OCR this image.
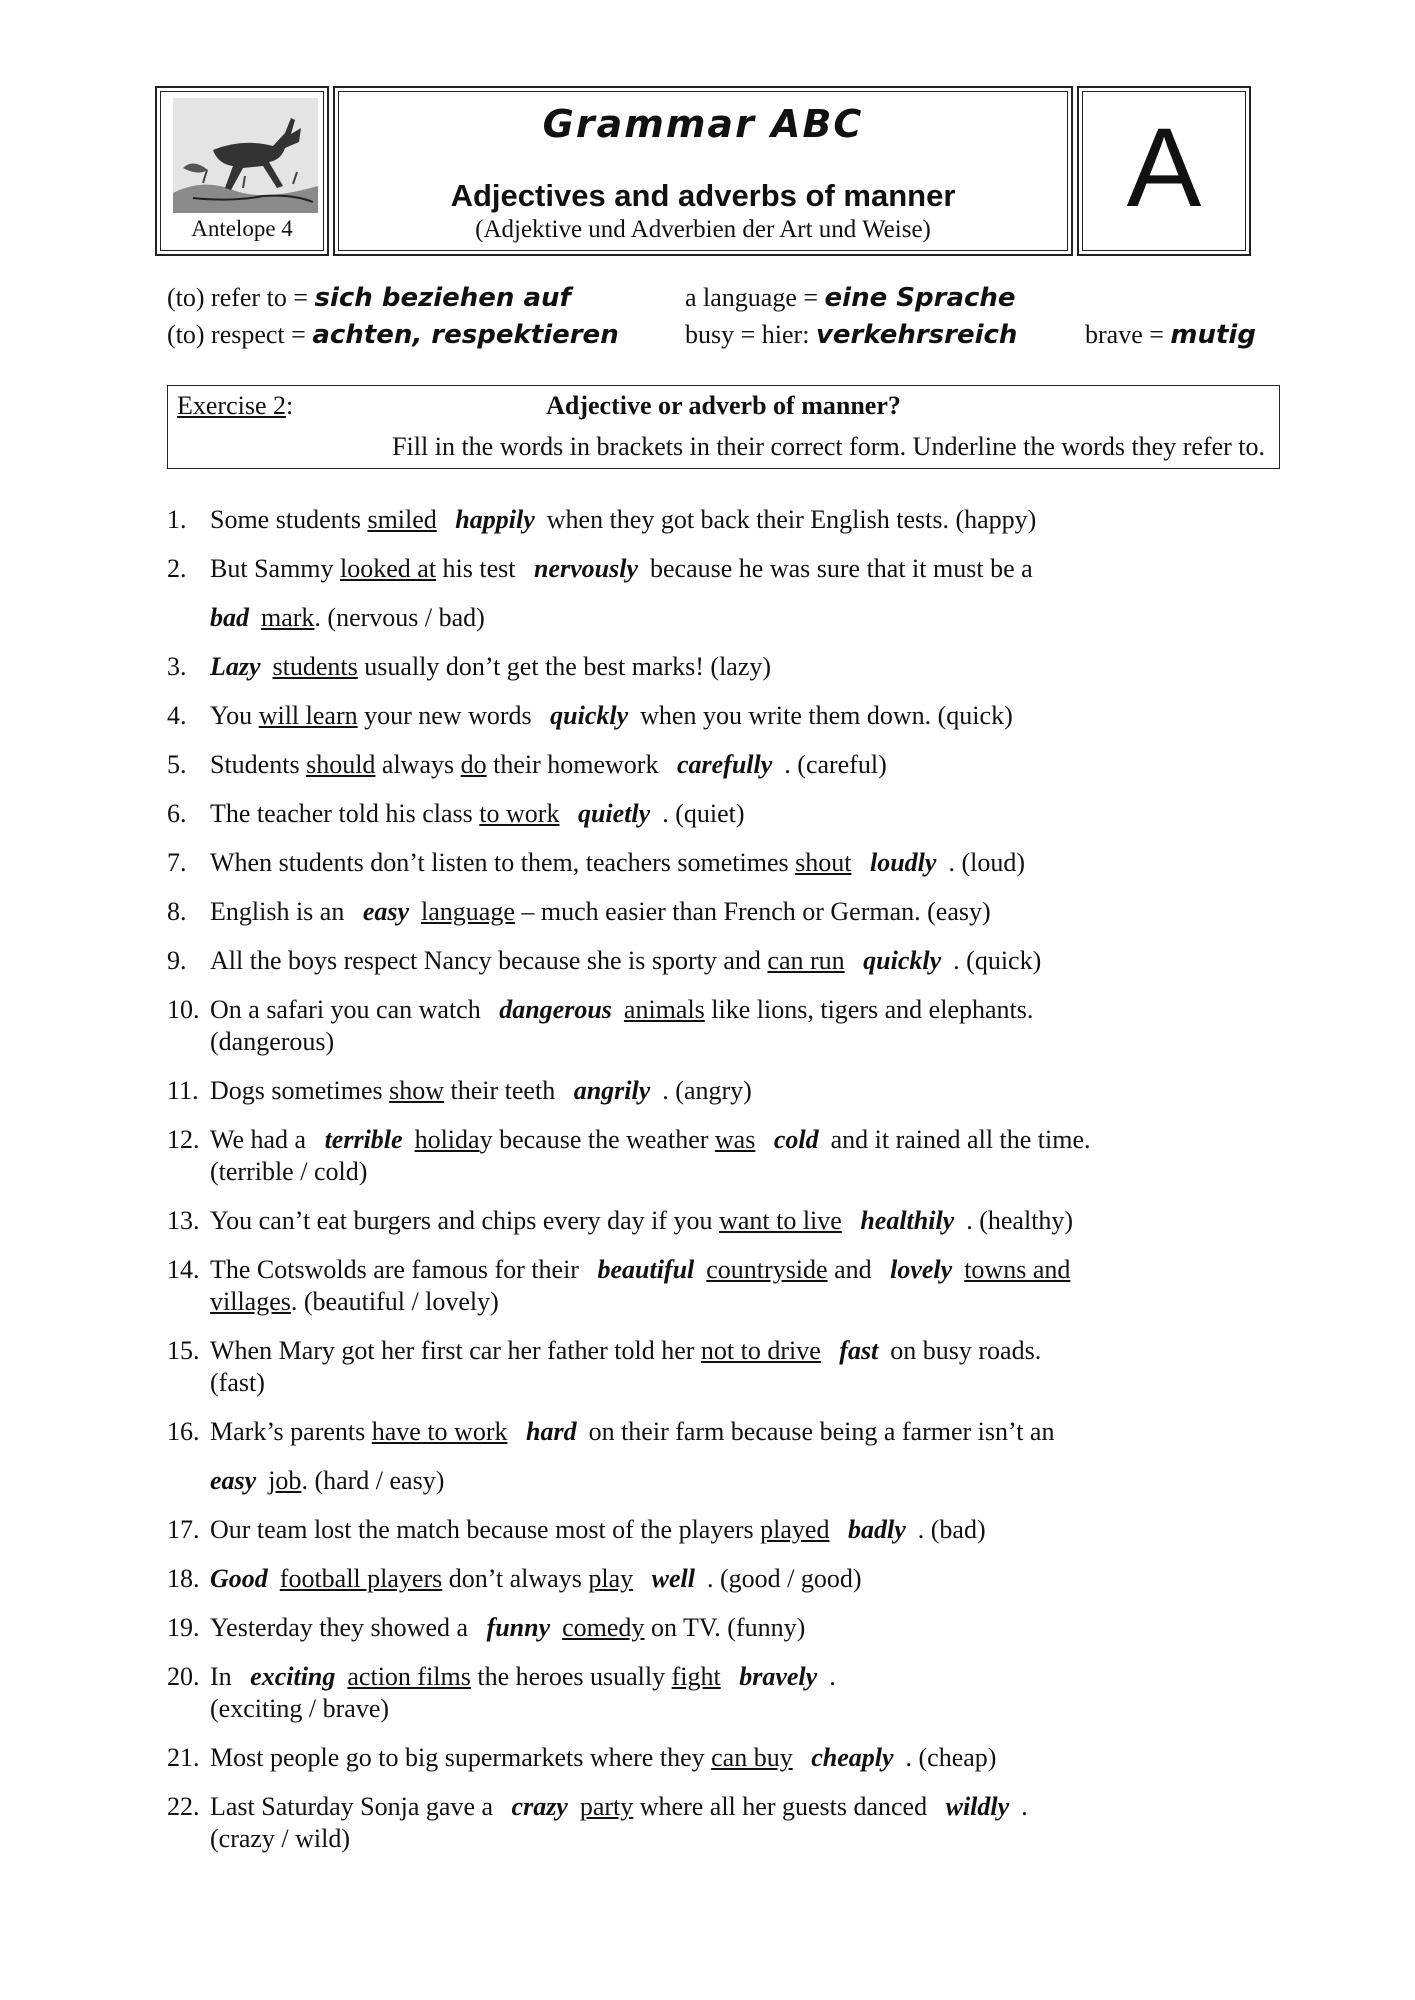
Antelope 4
Grammar ABC
Adjectives and adverbs of manner
(Adjektive und Adverbien der Art und Weise)	A
(to) refer to = sich beziehen auf
(to) respect = achten, respektieren
a language = eine Sprache
busy = hier: verkehrsreich	brave = mutig
Exercise 2:	Adjective or adverb of manner?
Fill in the words in brackets in their correct form. Underline the words they refer to.
1. Some students smiled happily when they got back their English tests. (happy)
2. But Sammy looked at his test nervously because he was sure that it must be a
bad mark. (nervous / bad)
3. Lazy students usually don’t get the best marks! (lazy)
4. You will learn your new words quickly when you write them down. (quick)
5. Students should always do their homework carefully . (careful)
6. The teacher told his class to work quietly . (quiet)
7. When students don’t listen to them, teachers sometimes shout loudly . (loud)
8. English is an easy language – much easier than French or German. (easy)
9. All the boys respect Nancy because she is sporty and can run quickly . (quick)
10. On a safari you can watch dangerous animals like lions, tigers and elephants.
(dangerous)
11. Dogs sometimes show their teeth angrily . (angry)
12. We had a terrible holiday because the weather was cold and it rained all the time.
(terrible / cold)
13. You can’t eat burgers and chips every day if you want to live healthily . (healthy)
14. The Cotswolds are famous for their beautiful countryside and lovely towns and
villages. (beautiful / lovely)
15. When Mary got her first car her father told her not to drive fast on busy roads.
(fast)
16. Mark’s parents have to work hard on their farm because being a farmer isn’t an
easy job. (hard / easy)
17. Our team lost the match because most of the players played badly . (bad)
18. Good football players don’t always play well . (good / good)
19. Yesterday they showed a funny comedy on TV. (funny)
20. In exciting action films the heroes usually fight bravely .
(exciting / brave)
21. Most people go to big supermarkets where they can buy cheaply . (cheap)
22. Last Saturday Sonja gave a crazy party where all her guests danced wildly .
(crazy / wild)
